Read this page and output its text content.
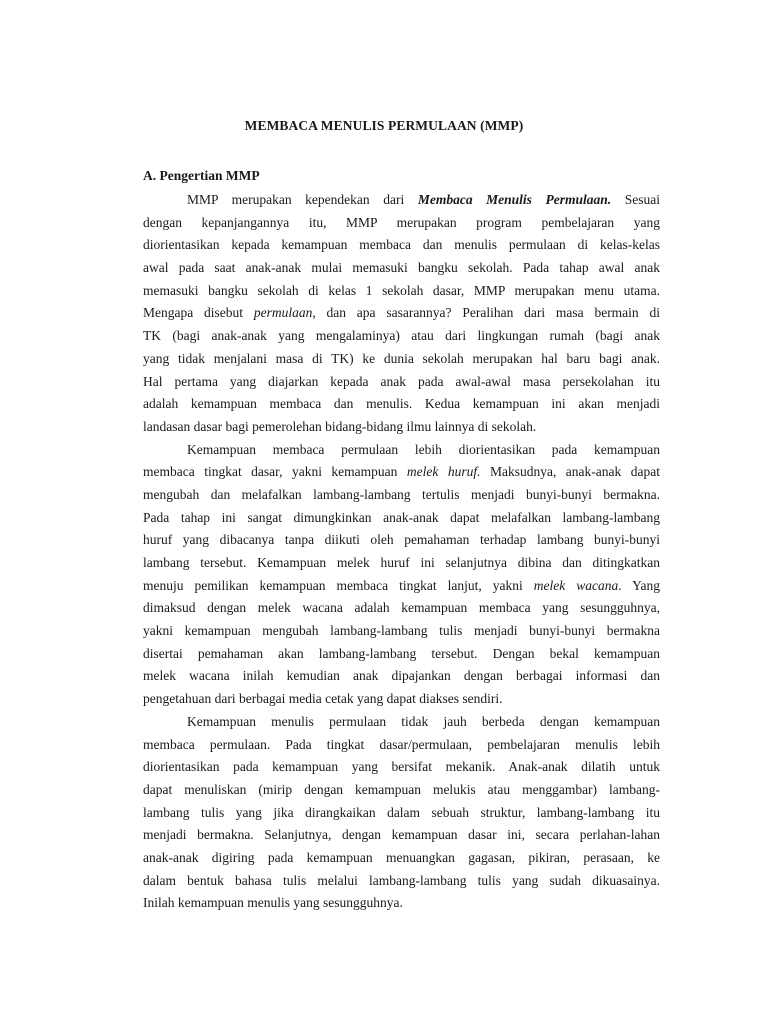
MEMBACA MENULIS PERMULAAN (MMP)
A. Pengertian MMP
MMP merupakan kependekan dari Membaca Menulis Permulaan. Sesuai
dengan kepanjangannya itu, MMP merupakan program pembelajaran yang
diorientasikan kepada kemampuan membaca dan menulis permulaan di kelas-kelas
awal pada saat anak-anak mulai memasuki bangku sekolah. Pada tahap awal anak
memasuki bangku sekolah di kelas 1 sekolah dasar, MMP merupakan menu utama.
Mengapa disebut permulaan, dan apa sasarannya? Peralihan dari masa bermain di
TK (bagi anak-anak yang mengalaminya) atau dari lingkungan rumah (bagi anak
yang tidak menjalani masa di TK) ke dunia sekolah merupakan hal baru bagi anak.
Hal pertama yang diajarkan kepada anak pada awal-awal masa persekolahan itu
adalah kemampuan membaca dan menulis. Kedua kemampuan ini akan menjadi
landasan dasar bagi pemerolehan bidang-bidang ilmu lainnya di sekolah.
Kemampuan membaca permulaan lebih diorientasikan pada kemampuan
membaca tingkat dasar, yakni kemampuan melek huruf. Maksudnya, anak-anak dapat
mengubah dan melafalkan lambang-lambang tertulis menjadi bunyi-bunyi bermakna.
Pada tahap ini sangat dimungkinkan anak-anak dapat melafalkan lambang-lambang
huruf yang dibacanya tanpa diikuti oleh pemahaman terhadap lambang bunyi-bunyi
lambang tersebut. Kemampuan melek huruf ini selanjutnya dibina dan ditingkatkan
menuju pemilikan kemampuan membaca tingkat lanjut, yakni melek wacana. Yang
dimaksud dengan melek wacana adalah kemampuan membaca yang sesungguhnya,
yakni kemampuan mengubah lambang-lambang tulis menjadi bunyi-bunyi bermakna
disertai pemahaman akan lambang-lambang tersebut. Dengan bekal kemampuan
melek wacana inilah kemudian anak dipajankan dengan berbagai informasi dan
pengetahuan dari berbagai media cetak yang dapat diakses sendiri.
Kemampuan menulis permulaan tidak jauh berbeda dengan kemampuan
membaca permulaan. Pada tingkat dasar/permulaan, pembelajaran menulis lebih
diorientasikan pada kemampuan yang bersifat mekanik. Anak-anak dilatih untuk
dapat menuliskan (mirip dengan kemampuan melukis atau menggambar) lambang-
lambang tulis yang jika dirangkaikan dalam sebuah struktur, lambang-lambang itu
menjadi bermakna. Selanjutnya, dengan kemampuan dasar ini, secara perlahan-lahan
anak-anak digiring pada kemampuan menuangkan gagasan, pikiran, perasaan, ke
dalam bentuk bahasa tulis melalui lambang-lambang tulis yang sudah dikuasainya.
Inilah kemampuan menulis yang sesungguhnya.
